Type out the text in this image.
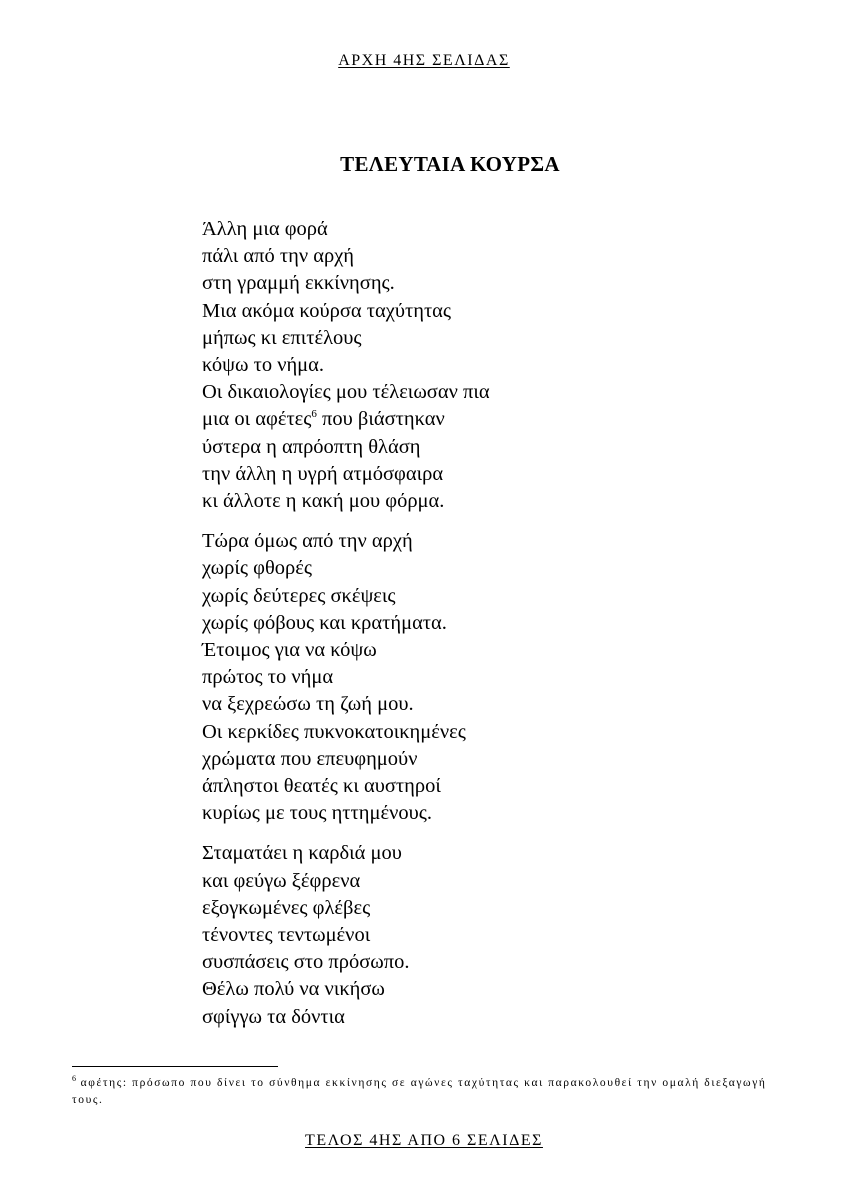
ΑΡΧΗ 4ΗΣ ΣΕΛΙΔΑΣ
ΤΕΛΕΥΤΑΙΑ ΚΟΥΡΣΑ
Άλλη μια φορά
πάλι από την αρχή
στη γραμμή εκκίνησης.
Μια ακόμα κούρσα ταχύτητας
μήπως κι επιτέλους
κόψω το νήμα.
Οι δικαιολογίες μου τέλειωσαν πια
μια οι αφέτες$^6$ που βιάστηκαν
ύστερα η απρόοπτη θλάση
την άλλη η υγρή ατμόσφαιρα
κι άλλοτε η κακή μου φόρμα.
Τώρα όμως από την αρχή
χωρίς φθορές
χωρίς δεύτερες σκέψεις
χωρίς φόβους και κρατήματα.
Έτοιμος για να κόψω
πρώτος το νήμα
να ξεχρεώσω τη ζωή μου.
Οι κερκίδες πυκνοκατοικημένες
χρώματα που επευφημούν
άπληστοι θεατές κι αυστηροί
κυρίως με τους ηττημένους.
Σταματάει η καρδιά μου
και φεύγω ξέφρενα
εξογκωμένες φλέβες
τένοντες τεντωμένοι
συσπάσεις στο πρόσωπο.
Θέλω πολύ να νικήσω
σφίγγω τα δόντια
$^6$ αφέτης: πρόσωπο που δίνει το σύνθημα εκκίνησης σε αγώνες ταχύτητας και παρακολουθεί την ομαλή διεξαγωγή τους.
ΤΕΛΟΣ 4ΗΣ ΑΠΟ 6 ΣΕΛΙΔΕΣ
